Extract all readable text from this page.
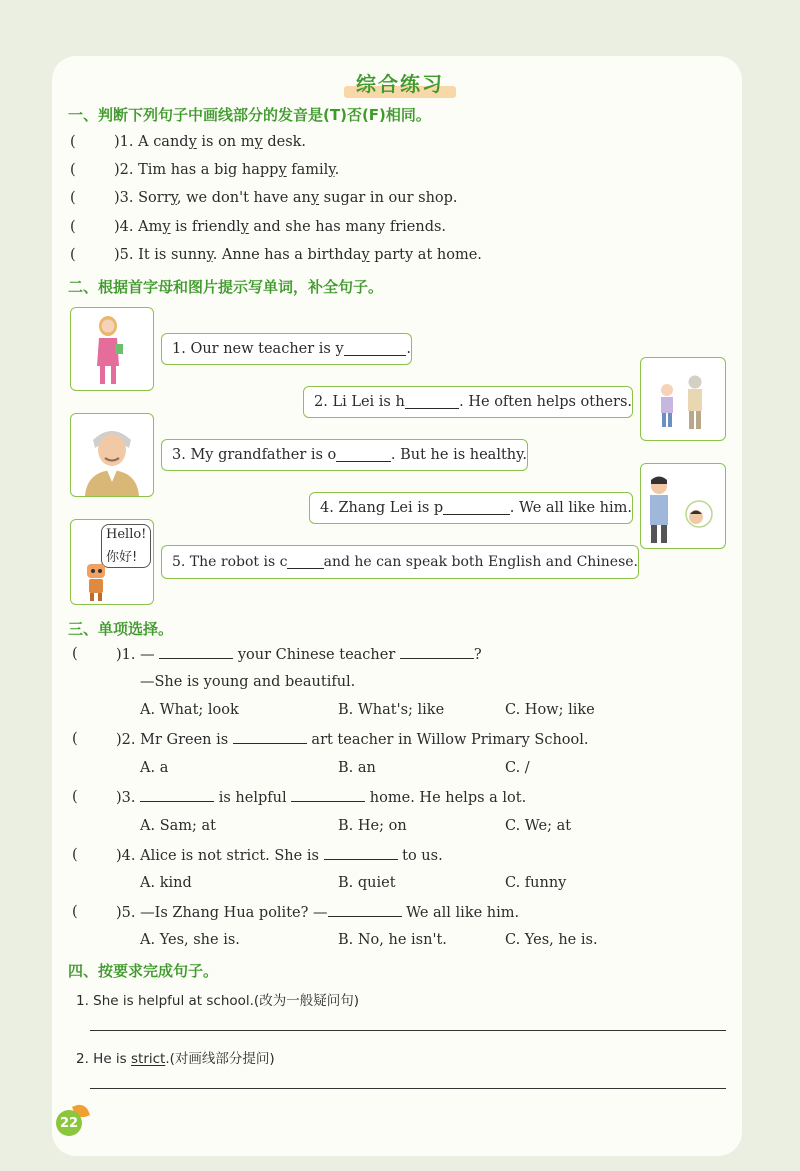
综合练习
一、判断下列句子中画线部分的发音是(T)否(F)相同。
(	)1. A candy is on my desk.
(	)2. Tim has a big happy family.
(	)3. Sorry, we don't have any sugar in our shop.
(	)4. Amy is friendly and she has many friends.
(	)5. It is sunny. Anne has a birthday party at home.
二、根据首字母和图片提示写单词，补全句子。
Hello!
你好!
1. Our new teacher is y	.
2. Li Lei is h	. He often helps others.
3. My grandfather is o	. But he is healthy.
4. Zhang Lei is p	. We all like him.
5. The robot is c	and he can speak both English and Chinese.
三、单项选择。
(	)1. —	your Chinese teacher	?
—She is young and beautiful.
A. What; look	B. What's; like	C. How; like
(	)2. Mr Green is	art teacher in Willow Primary School.
A. a	B. an	C. /
(	)3.	is helpful	home. He helps a lot.
A. Sam; at	B. He; on	C. We; at
(	)4. Alice is not strict. She is	to us.
A. kind	B. quiet	C. funny
(	)5. —Is Zhang Hua polite? —	We all like him.
A. Yes, she is.	B. No, he isn't.	C. Yes, he is.
四、按要求完成句子。
1. She is helpful at school.(改为一般疑问句)
2. He is strict.(对画线部分提问)
22
